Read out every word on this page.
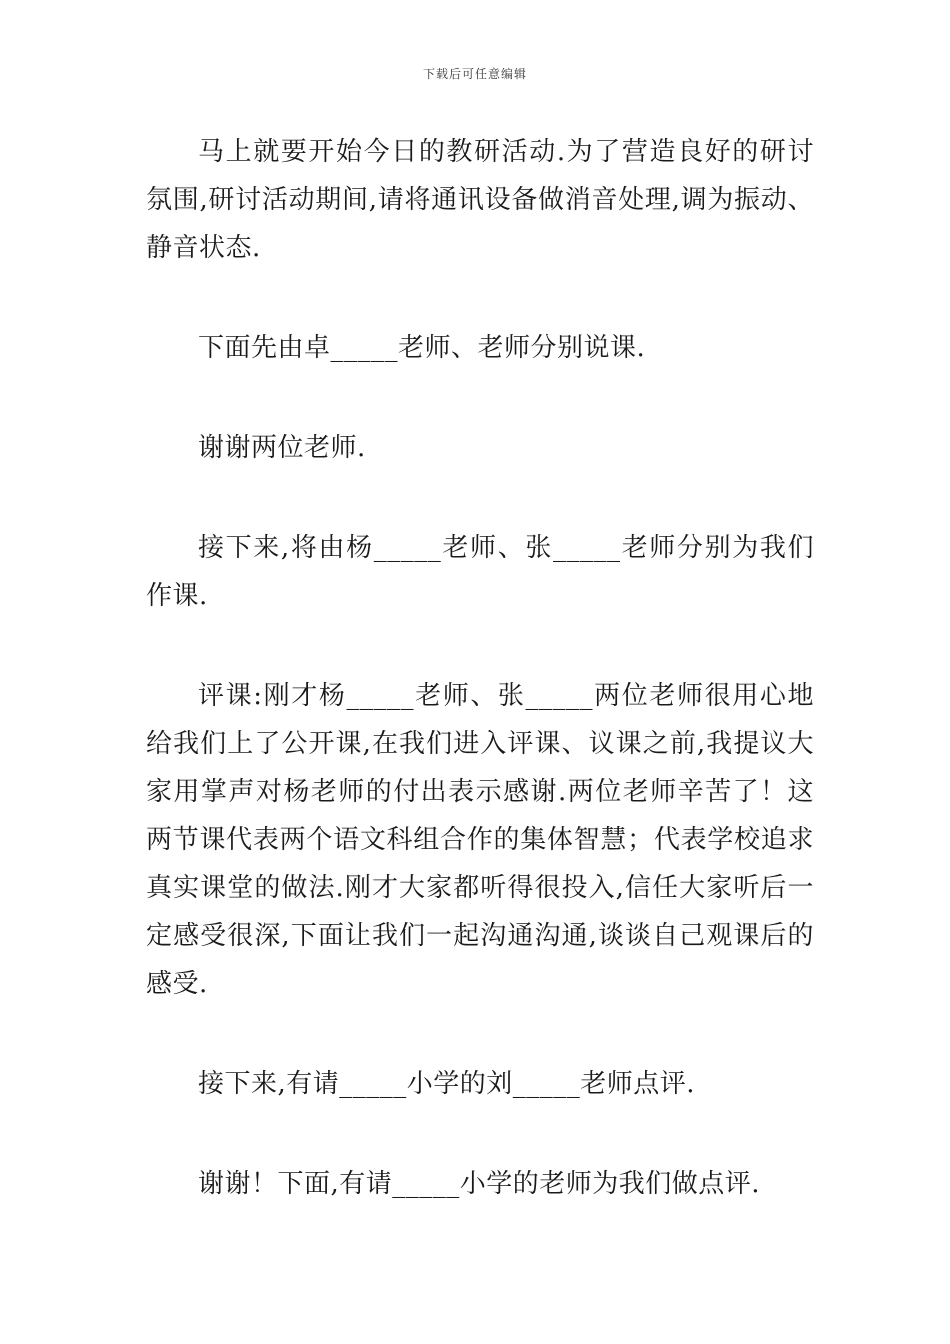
下载后可任意编辑

马上就要开始今日的教研活动.为了营造良好的研讨氛围,研讨活动期间,请将通讯设备做消音处理,调为振动、静音状态.

下面先由卓_____老师、老师分别说课.

谢谢两位老师.

接下来,将由杨_____老师、张_____老师分别为我们作课.

评课:刚才杨_____老师、张_____两位老师很用心地给我们上了公开课,在我们进入评课、议课之前,我提议大家用掌声对杨老师的付出表示感谢.两位老师辛苦了！这两节课代表两个语文科组合作的集体智慧；代表学校追求真实课堂的做法.刚才大家都听得很投入,信任大家听后一定感受很深,下面让我们一起沟通沟通,谈谈自己观课后的感受.

接下来,有请_____小学的刘_____老师点评.

谢谢！下面,有请_____小学的老师为我们做点评.
